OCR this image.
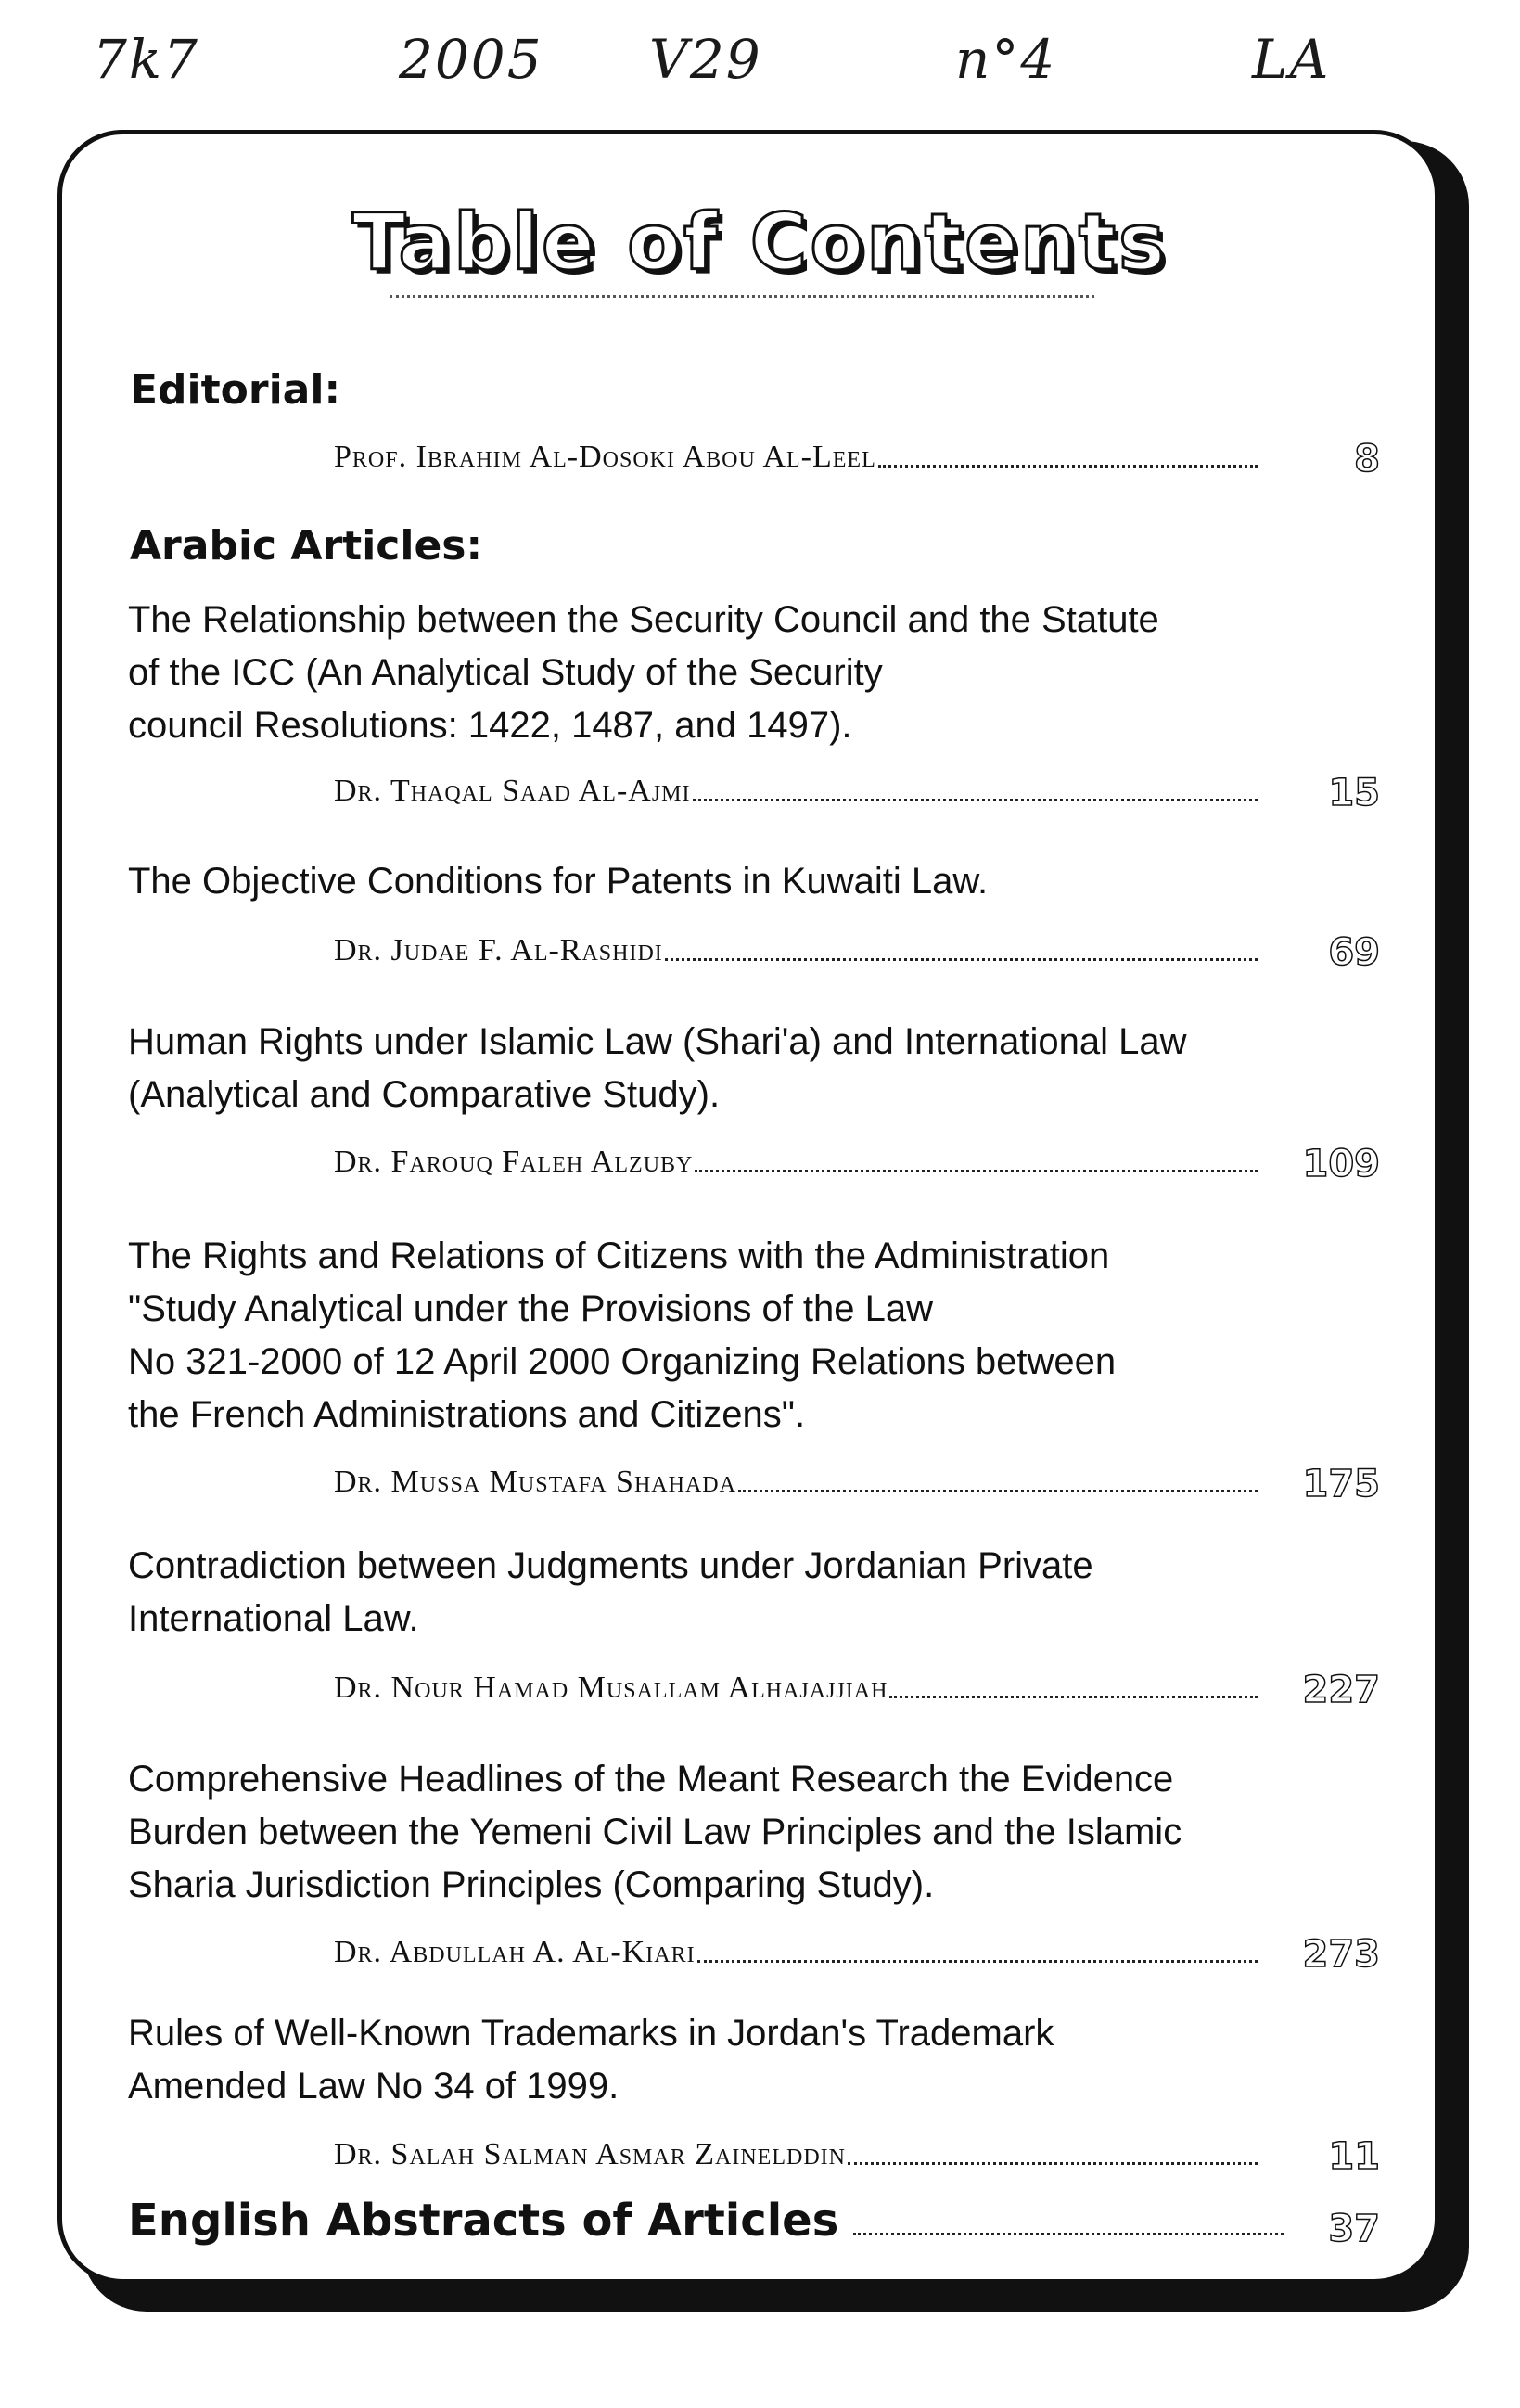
7k7	2005 V29	n°4	LA
Table of Contents
Editorial:
Prof. Ibrahim Al-Dosoki Abou Al-Leel	8
Arabic Articles:
The Relationship between the Security Council and the Statute
of the ICC (An Analytical Study of the Security
council Resolutions: 1422, 1487, and 1497).
Dr. Thaqal Saad Al-Ajmi	15
The Objective Conditions for Patents in Kuwaiti Law.
Dr. Judae F. Al-Rashidi	69
Human Rights under Islamic Law (Shari'a) and International Law
(Analytical and Comparative Study).
Dr. Farouq Faleh Alzuby	109
The Rights and Relations of Citizens with the Administration
"Study Analytical under the Provisions of the Law
No 321-2000 of 12 April 2000 Organizing Relations between
the French Administrations and Citizens".
Dr. Mussa Mustafa Shahada	175
Contradiction between Judgments under Jordanian Private
International Law.
Dr. Nour Hamad Musallam Alhajajjiah	227
Comprehensive Headlines of the Meant Research the Evidence
Burden between the Yemeni Civil Law Principles and the Islamic
Sharia Jurisdiction Principles (Comparing Study).
Dr. Abdullah A. Al-Kiari	273
Rules of Well-Known Trademarks in Jordan's Trademark
Amended Law No 34 of 1999.
Dr. Salah Salman Asmar Zainelddin	11
English Abstracts of Articles	37
